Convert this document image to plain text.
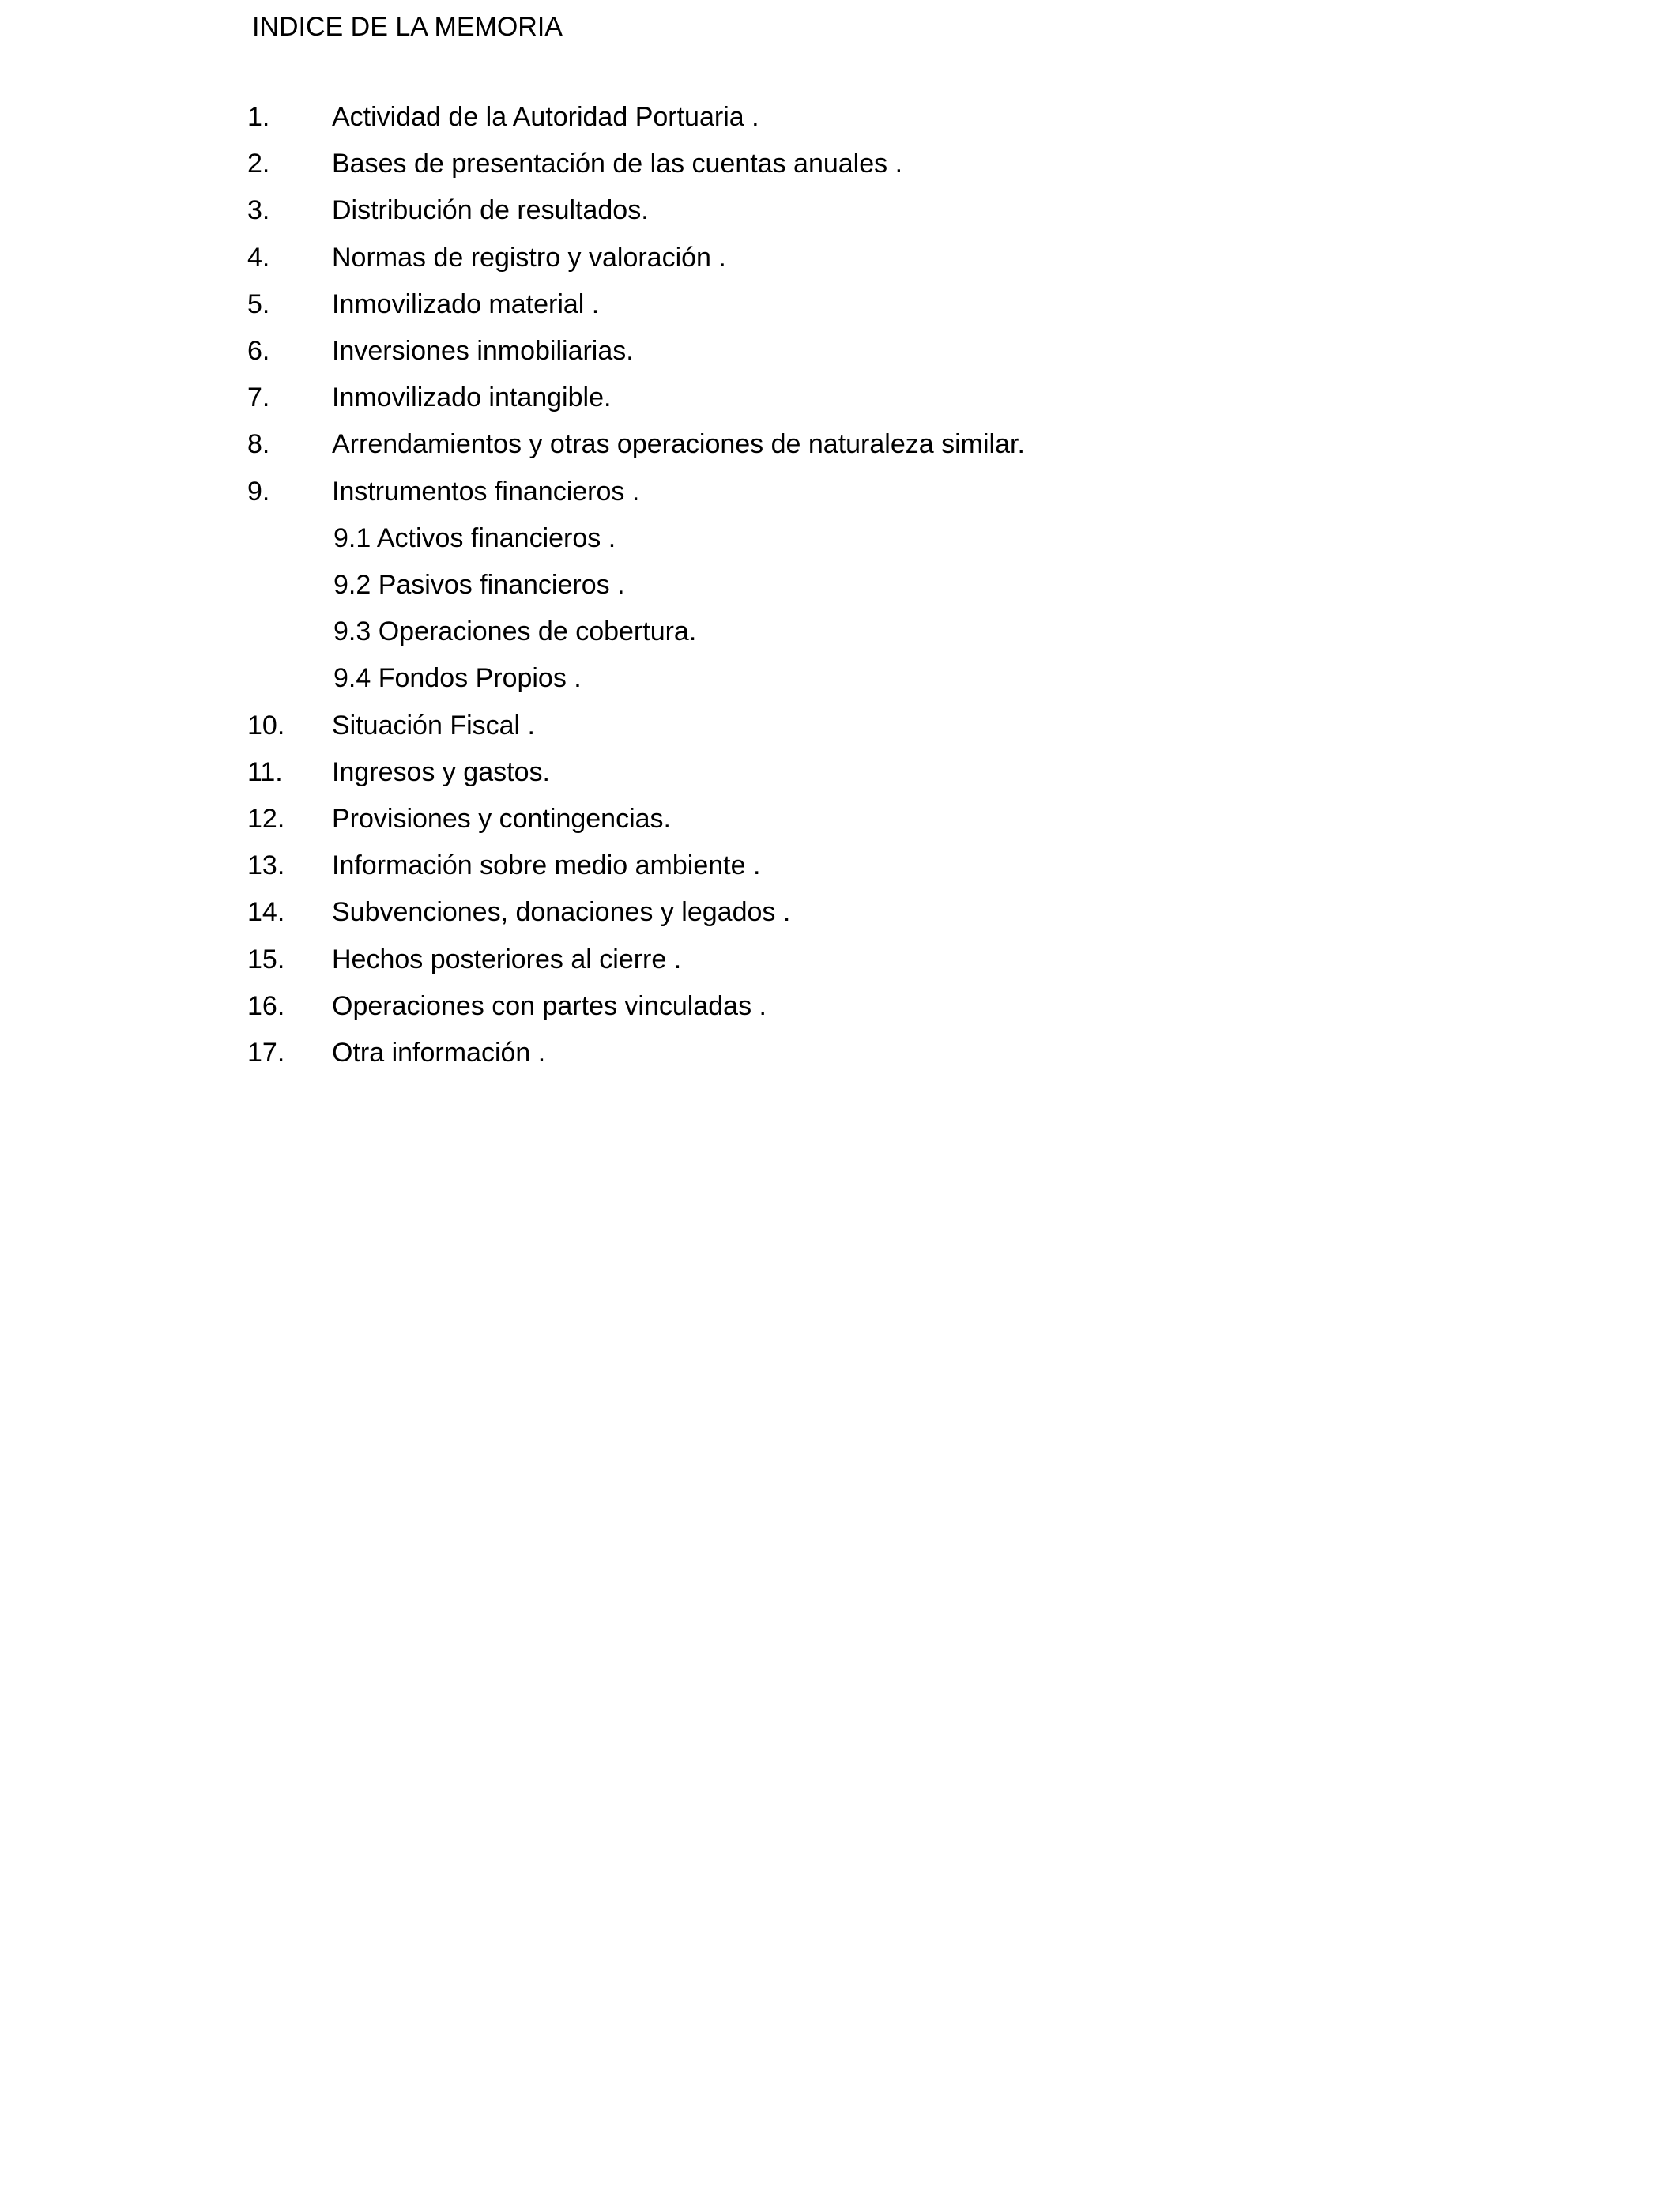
INDICE DE LA MEMORIA
1. Actividad de la Autoridad Portuaria .
2. Bases de presentación de las cuentas anuales .
3. Distribución de resultados.
4. Normas de registro y valoración .
5. Inmovilizado material .
6. Inversiones inmobiliarias.
7. Inmovilizado intangible.
8. Arrendamientos y otras operaciones de naturaleza similar.
9. Instrumentos financieros .
9.1 Activos financieros .
9.2 Pasivos financieros .
9.3 Operaciones de cobertura.
9.4 Fondos Propios .
10. Situación Fiscal .
11. Ingresos y gastos.
12. Provisiones y contingencias.
13. Información sobre medio ambiente .
14. Subvenciones, donaciones y legados .
15. Hechos posteriores al cierre .
16. Operaciones con partes vinculadas .
17. Otra información .
